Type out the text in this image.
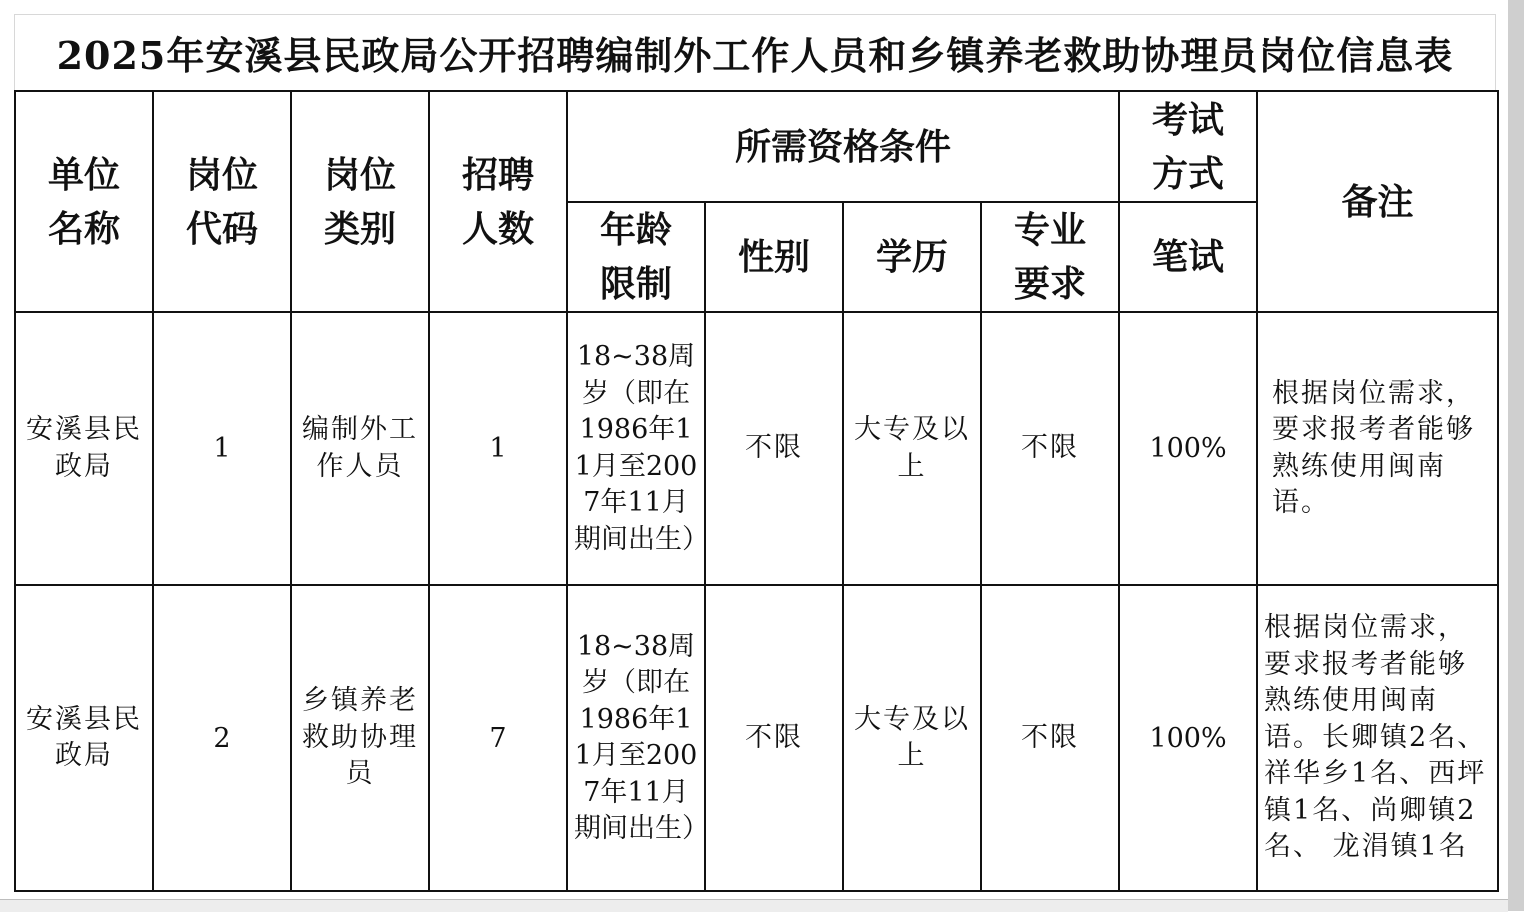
2025年安溪县民政局公开招聘编制外工作人员和乡镇养老救助协理员岗位信息表
单位名称	岗位代码	岗位类别	招聘人数	所需资格条件				考试方式	备注

				年龄限制	性别	学历	专业要求	笔试	

安溪县民政局	1	编制外工作人员	1	18~38周岁（即在1986年11月至2007年11月期间出生）	不限	大专及以上	不限	100%	根据岗位需求，要求报考者能够熟练使用闽南语。

安溪县民政局	2	乡镇养老救助协理员	7	18~38周岁（即在1986年11月至2007年11月期间出生）	不限	大专及以上	不限	100%	根据岗位需求，要求报考者能够熟练使用闽南语。长卿镇2名、祥华乡1名、西坪镇1名、尚卿镇2名、 龙涓镇1名
